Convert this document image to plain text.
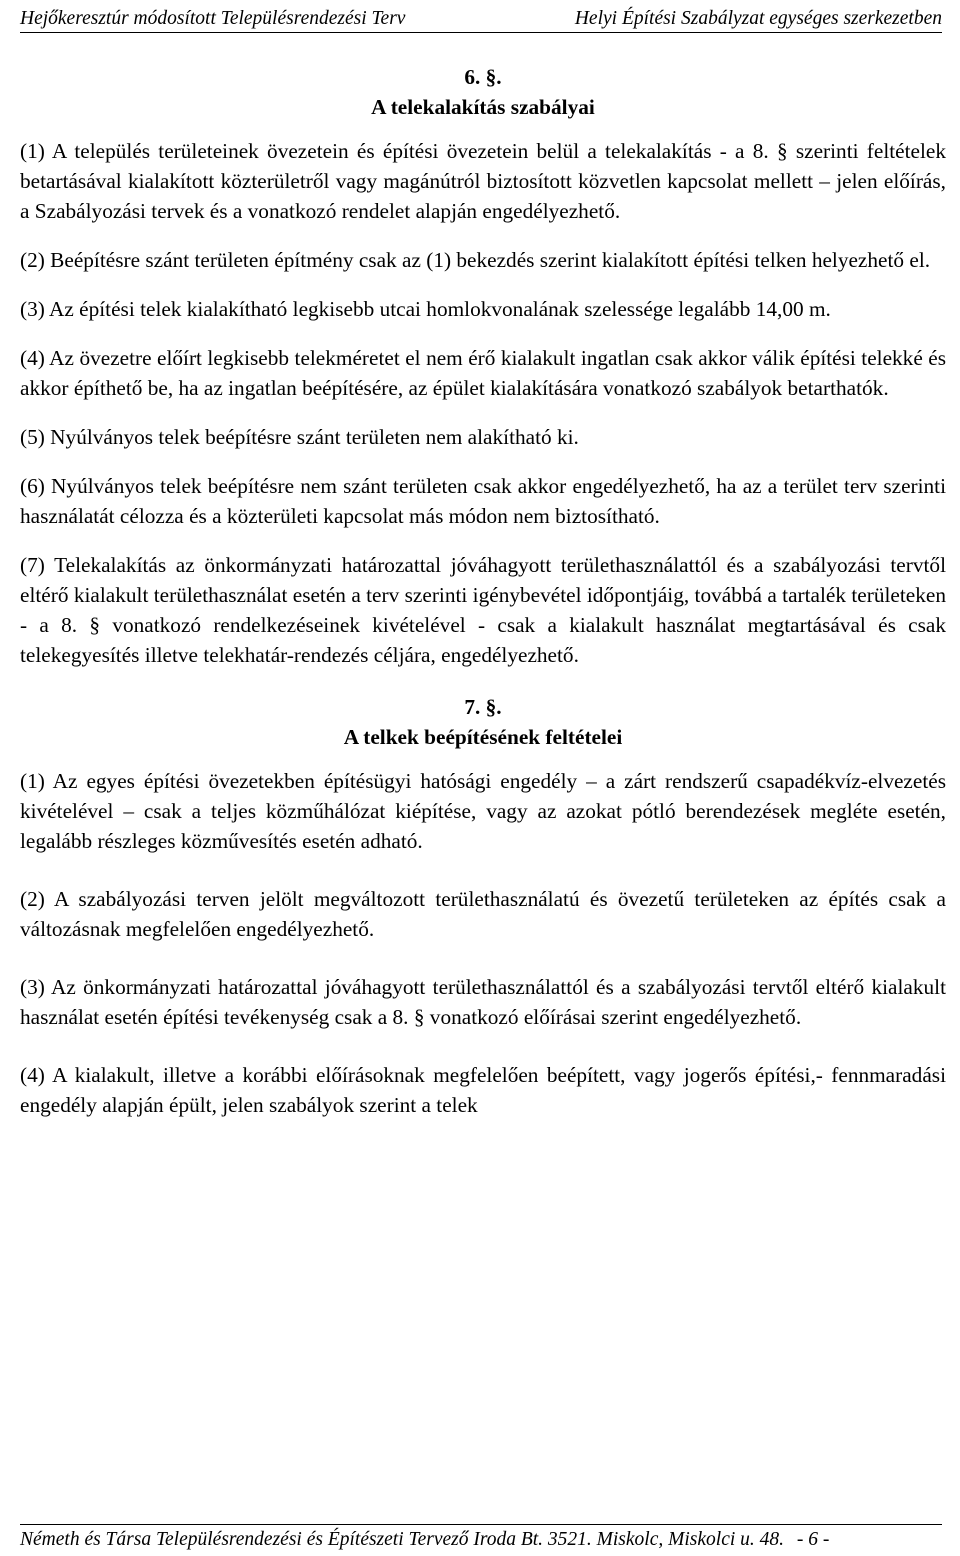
Hejőkeresztúr módosított Településrendezési Terv	Helyi Építési Szabályzat egységes szerkezetben

6. §.

A telekalakítás szabályai

(1) A település területeinek övezetein és építési övezetein belül a telekalakítás - a 8. § szerinti feltételek betartásával kialakított közterületről vagy magánútról biztosított közvetlen kapcsolat mellett – jelen előírás, a Szabályozási tervek és a vonatkozó rendelet alapján engedélyezhető.

(2) Beépítésre szánt területen építmény csak az (1) bekezdés szerint kialakított építési telken helyezhető el.

(3) Az építési telek kialakítható legkisebb utcai homlokvonalának szelessége legalább 14,00 m.

(4) Az övezetre előírt legkisebb telekméretet el nem érő kialakult ingatlan csak akkor válik építési telekké és akkor építhető be, ha az ingatlan beépítésére, az épület kialakítására vonatkozó szabályok betarthatók.

(5) Nyúlványos telek beépítésre szánt területen nem alakítható ki.

(6) Nyúlványos telek beépítésre nem szánt területen csak akkor engedélyezhető, ha az a terület terv szerinti használatát célozza és a közterületi kapcsolat más módon nem biztosítható.

(7) Telekalakítás az önkormányzati határozattal jóváhagyott területhasználattól és a szabályozási tervtől eltérő kialakult területhasználat esetén a terv szerinti igénybevétel időpontjáig, továbbá a tartalék területeken - a 8. § vonatkozó rendelkezéseinek kivételével - csak a kialakult használat megtartásával és csak telekegyesítés illetve telekhatár-rendezés céljára, engedélyezhető.

7. §.

A telkek beépítésének feltételei

(1) Az egyes építési övezetekben építésügyi hatósági engedély – a zárt rendszerű csapadékvíz-elvezetés kivételével – csak a teljes közműhálózat kiépítése, vagy az azokat pótló berendezések megléte esetén, legalább részleges közművesítés esetén adható.

(2) A szabályozási terven jelölt megváltozott területhasználatú és övezetű területeken az építés csak a változásnak megfelelően engedélyezhető.

(3) Az önkormányzati határozattal jóváhagyott területhasználattól és a szabályozási tervtől eltérő kialakult használat esetén építési tevékenység csak a 8. § vonatkozó előírásai szerint engedélyezhető.

(4) A kialakult, illetve a korábbi előírásoknak megfelelően beépített, vagy jogerős építési,- fennmaradási engedély alapján épült, jelen szabályok szerint a telek

Németh és Társa Településrendezési és Építészeti Tervező Iroda Bt. 3521. Miskolc, Miskolci u. 48. - 6 -
